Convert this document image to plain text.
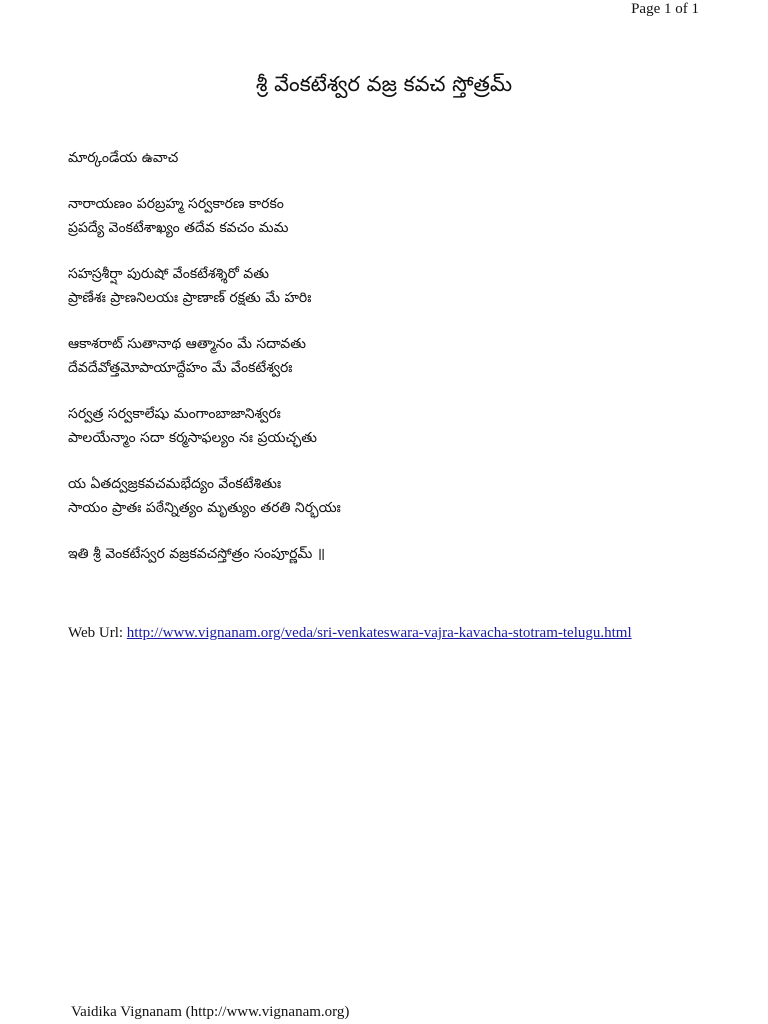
Page 1 of 1
శ్రీ వేంకటేశ్వర వజ్ర కవచ స్తోత్రమ్
మార్కండేయ ఉవాచ
నారాయణం పరబ్రహ్మ సర్వకారణ కారకం
ప్రపద్యే వెంకటేశాఖ్యం తదేవ కవచం మమ
సహస్రశీర్షా పురుషో వేంకటేశశ్శిరో వతు
ప్రాణేశః ప్రాణనిలయః ప్రాణాణ్ రక్షతు మే హరిః
ఆకాశరాట్ సుతానాథ ఆత్మానం మే సదావతు
దేవదేవోత్తమోపాయాద్దేహం మే వేంకటేశ్వరః
సర్వత్ర సర్వకాలేషు మంగాంబాజానిశ్వరః
పాలయేన్మాం సదా కర్మసాఫల్యం నః ప్రయచ్ఛతు
య ఏతద్వజ్రకవచమభేద్యం వేంకటేశితుః
సాయం ప్రాతః పఠేన్నిత్యం మృత్యుం తరతి నిర్భయః
ఇతి శ్రీ వెంకటేస్వర వజ్రకవచస్తోత్రం సంపూర్ణమ్ ॥
Web Url: http://www.vignanam.org/veda/sri-venkateswara-vajra-kavacha-stotram-telugu.html
Vaidika Vignanam (http://www.vignanam.org)
